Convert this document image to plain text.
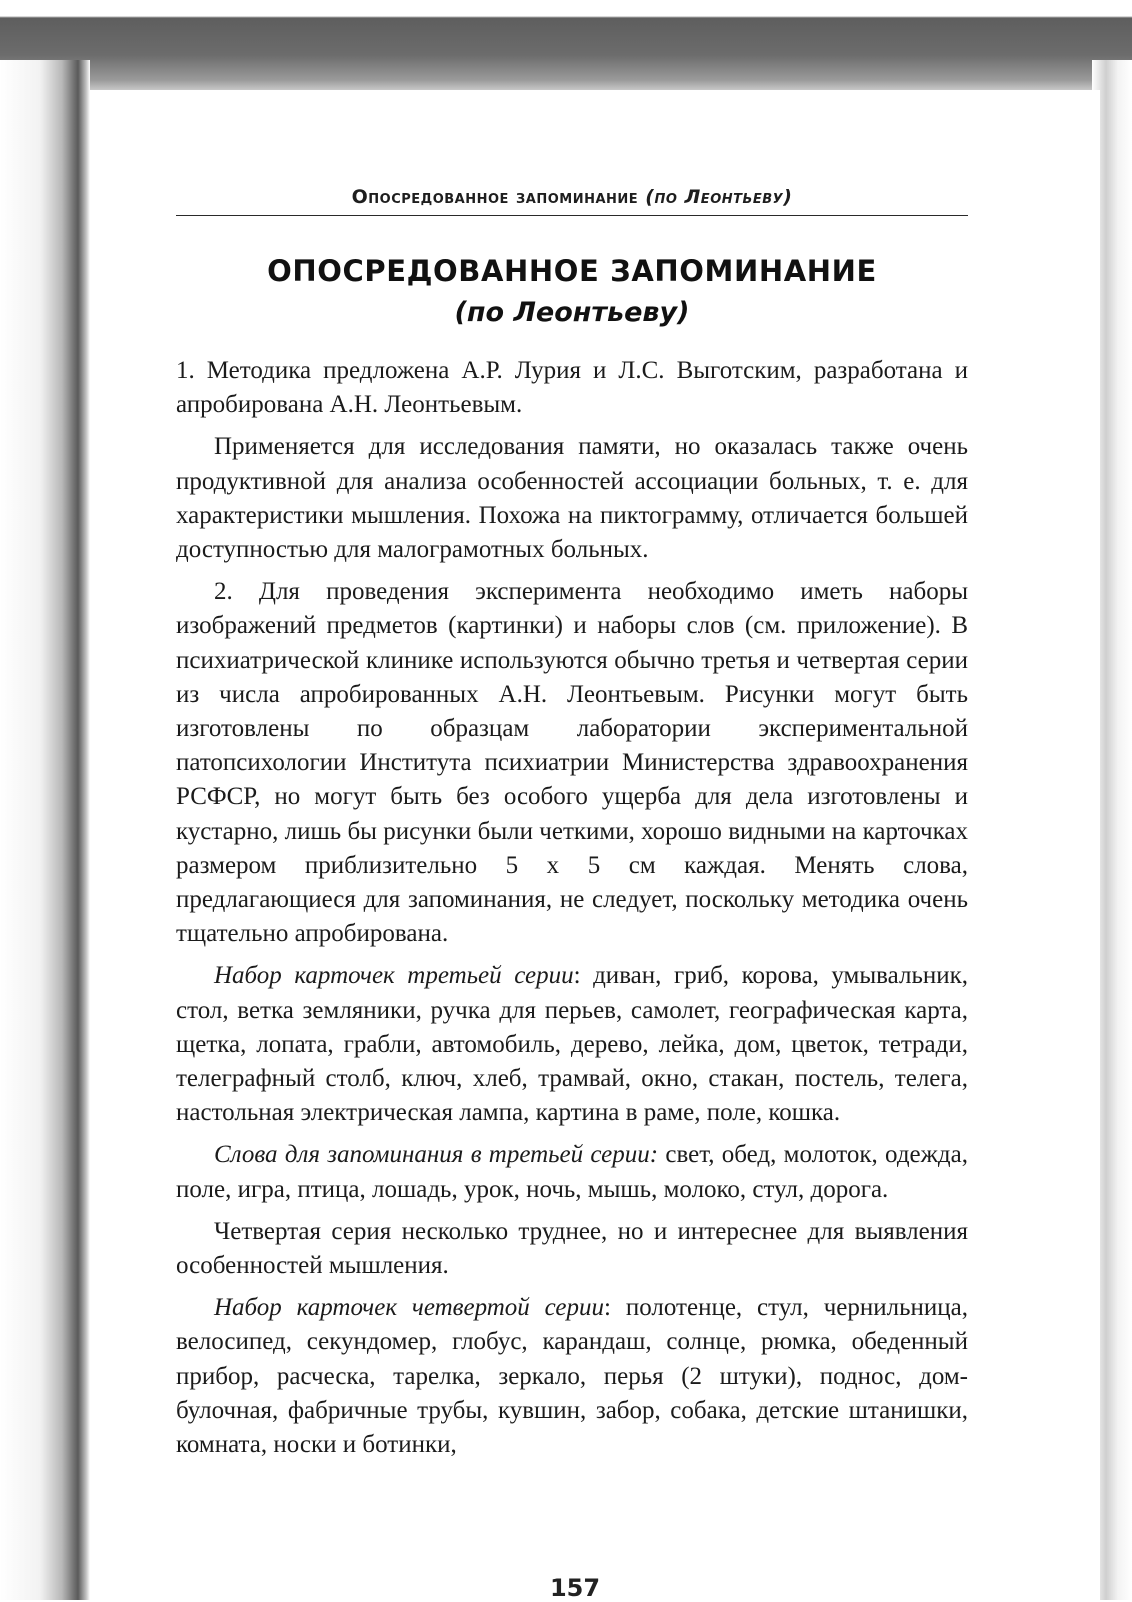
Опосредованное запоминание (по Леонтьеву)
ОПОСРЕДОВАННОЕ ЗАПОМИНАНИЕ
(по Леонтьеву)

1. Методика предложена А.Р. Лурия и Л.С. Выготским, разработана и апробирована А.Н. Леонтьевым.

Применяется для исследования памяти, но оказалась также очень продуктивной для анализа особенностей ассоциации больных, т. е. для характеристики мышления. Похожа на пиктограмму, отличается большей доступностью для малограмотных больных.

2. Для проведения эксперимента необходимо иметь наборы изображений предметов (картинки) и наборы слов (см. приложение). В психиатрической клинике используются обычно третья и четвертая серии из числа апробированных А.Н. Леонтьевым. Рисунки могут быть изготовлены по образцам лаборатории экспериментальной патопсихологии Института психиатрии Министерства здравоохранения РСФСР, но могут быть без особого ущерба для дела изготовлены и кустарно, лишь бы рисунки были четкими, хорошо видными на карточках размером приблизительно 5 х 5 см каждая. Менять слова, предлагающиеся для запоминания, не следует, поскольку методика очень тщательно апробирована.

Набор карточек третьей серии: диван, гриб, корова, умывальник, стол, ветка земляники, ручка для перьев, самолет, географическая карта, щетка, лопата, грабли, автомобиль, дерево, лейка, дом, цветок, тетради, телеграфный столб, ключ, хлеб, трамвай, окно, стакан, постель, телега, настольная электрическая лампа, картина в раме, поле, кошка.

Слова для запоминания в третьей серии: свет, обед, молоток, одежда, поле, игра, птица, лошадь, урок, ночь, мышь, молоко, стул, дорога.

Четвертая серия несколько труднее, но и интереснее для выявления особенностей мышления.

Набор карточек четвертой серии: полотенце, стул, чернильница, велосипед, секундомер, глобус, карандаш, солнце, рюмка, обеденный прибор, расческа, тарелка, зеркало, перья (2 штуки), поднос, дом-булочная, фабричные трубы, кувшин, забор, собака, детские штанишки, комната, носки и ботинки,

157
